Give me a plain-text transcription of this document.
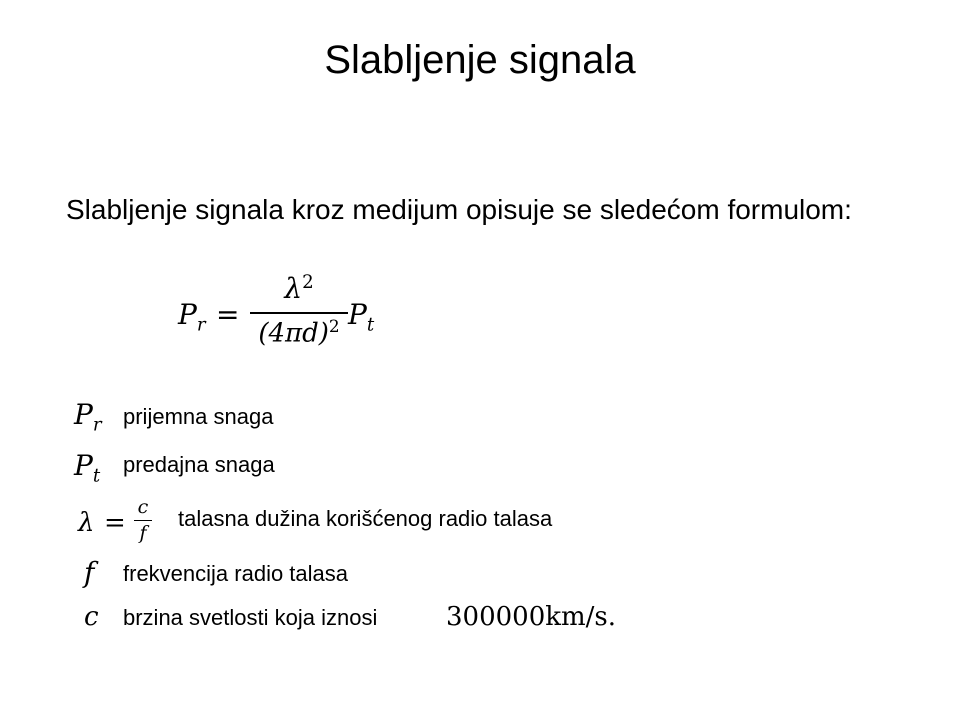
Slabljenje signala
Slabljenje signala kroz medijum opisuje se sledećom formulom:
$P_r$ =
$\lambda^2$
$(4\pi d)^2$ $P_t$
$P_r$ prijemna snaga
$P_t$ predajna snaga
λ =
c
f
talasna dužina korišćenog radio talasa
f frekvencija radio talasa
c brzina svetlosti koja iznosi	300000km/s.
